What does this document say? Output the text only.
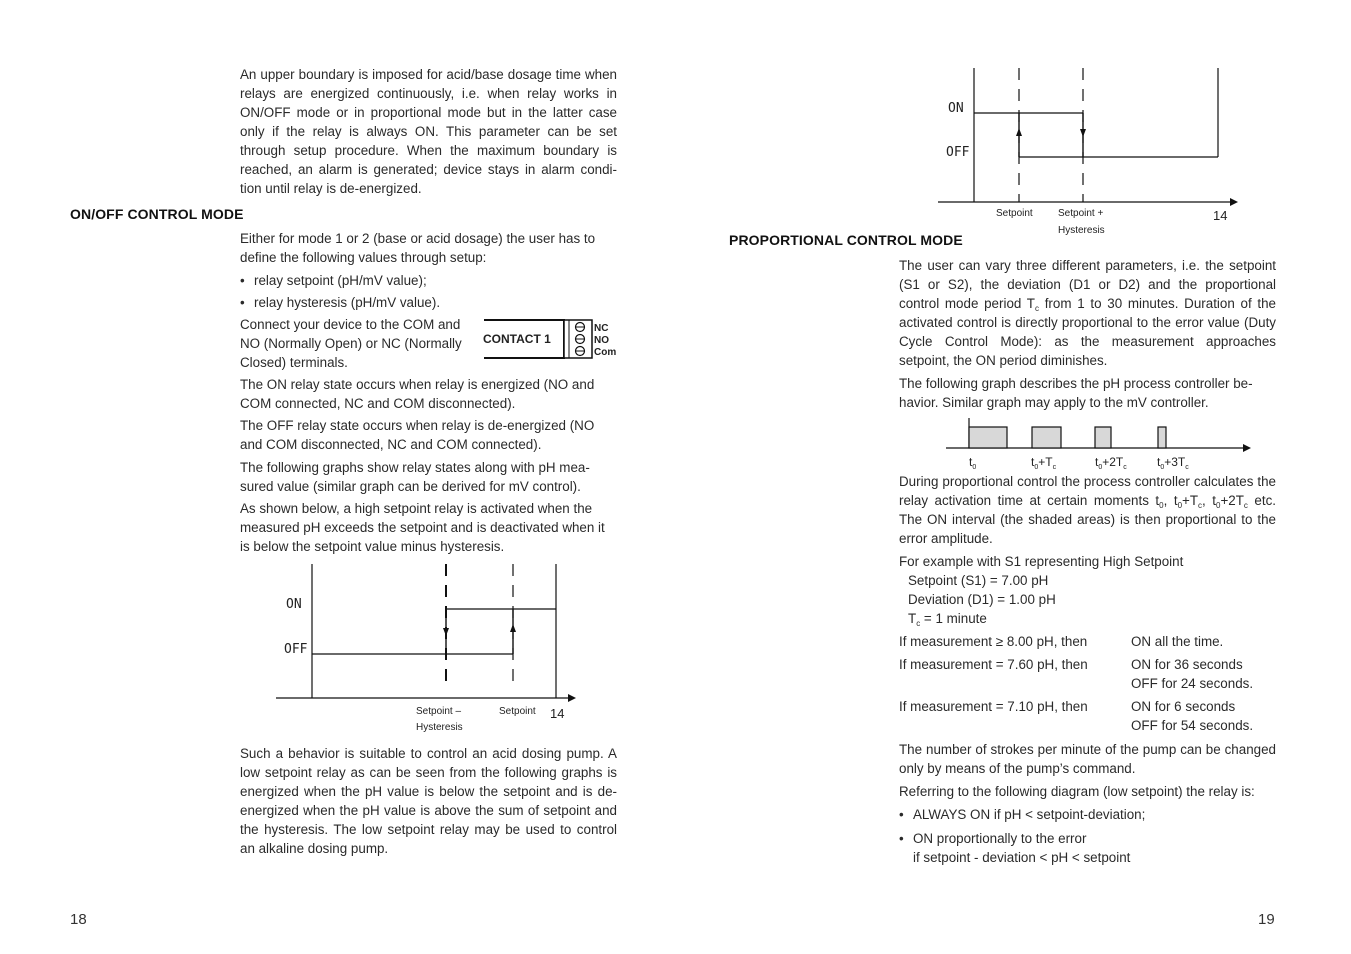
An upper boundary is imposed for acid/base dosage time when relays are energized continuously, i.e. when relay works in ON/OFF mode or in proportional mode but in the latter case only if the relay is always ON. This parameter can be set through setup procedure. When the maximum boundary is reached, an alarm is generated; device stays in alarm condi-tion until relay is de-energized.

ON/OFF CONTROL MODE

Either for mode 1 or 2 (base or acid dosage) the user has to define the following values through setup:

• relay setpoint (pH/mV value);
• relay hysteresis (pH/mV value).

Connect your device to the COM and NO (Normally Open) or NC (Normally Closed) terminals.

CONTACT 1
NC
NO
Com

The ON relay state occurs when relay is energized (NO and COM connected, NC and COM disconnected).

The OFF relay state occurs when relay is de-energized (NO and COM disconnected, NC and COM connected).

The following graphs show relay states along with pH mea-sured value (similar graph can be derived for mV control).

As shown below, a high setpoint relay is activated when the measured pH exceeds the setpoint and is deactivated when it is below the setpoint value minus hysteresis.

ON
OFF
Setpoint –
Hysteresis
Setpoint 14

Such a behavior is suitable to control an acid dosing pump. A low setpoint relay as can be seen from the following graphs is energized when the pH value is below the setpoint and is de-energized when the pH value is above the sum of setpoint and the hysteresis. The low setpoint relay may be used to control an alkaline dosing pump.

18
ON
OFF
Setpoint	Setpoint +
Hysteresis
14
PROPORTIONAL CONTROL MODE

The user can vary three different parameters, i.e. the setpoint (S1 or S2), the deviation (D1 or D2) and the proportional control mode period $T_c$ from 1 to 30 minutes. Duration of the activated control is directly proportional to the error value (Duty Cycle Control Mode): as the measurement approaches setpoint, the ON period diminishes.

The following graph describes the pH process controller be-havior. Similar graph may apply to the mV controller.

$t_0$	$t_0+T_c$	$t_0+2T_c$	$t_0+3T_c$

During proportional control the process controller calculates the relay activation time at certain moments $t_0$, $t_0+T_c$, $t_0+2T_c$ etc. The ON interval (the shaded areas) is then proportional to the error amplitude.

For example with S1 representing High Setpoint
Setpoint (S1) = 7.00 pH
Deviation (D1) = 1.00 pH
$T_c = 1$ minute
If measurement ≥ 8.00 pH, then	ON all the time.
If measurement = 7.60 pH, then	ON for 36 seconds
OFF for 24 seconds.

If measurement = 7.10 pH, then	ON for 6 seconds
OFF for 54 seconds.

The number of strokes per minute of the pump can be changed only by means of the pump’s command.

Referring to the following diagram (low setpoint) the relay is:

• ALWAYS ON if pH < setpoint-deviation;
• ON proportionally to the error
if setpoint - deviation < pH < setpoint
19
